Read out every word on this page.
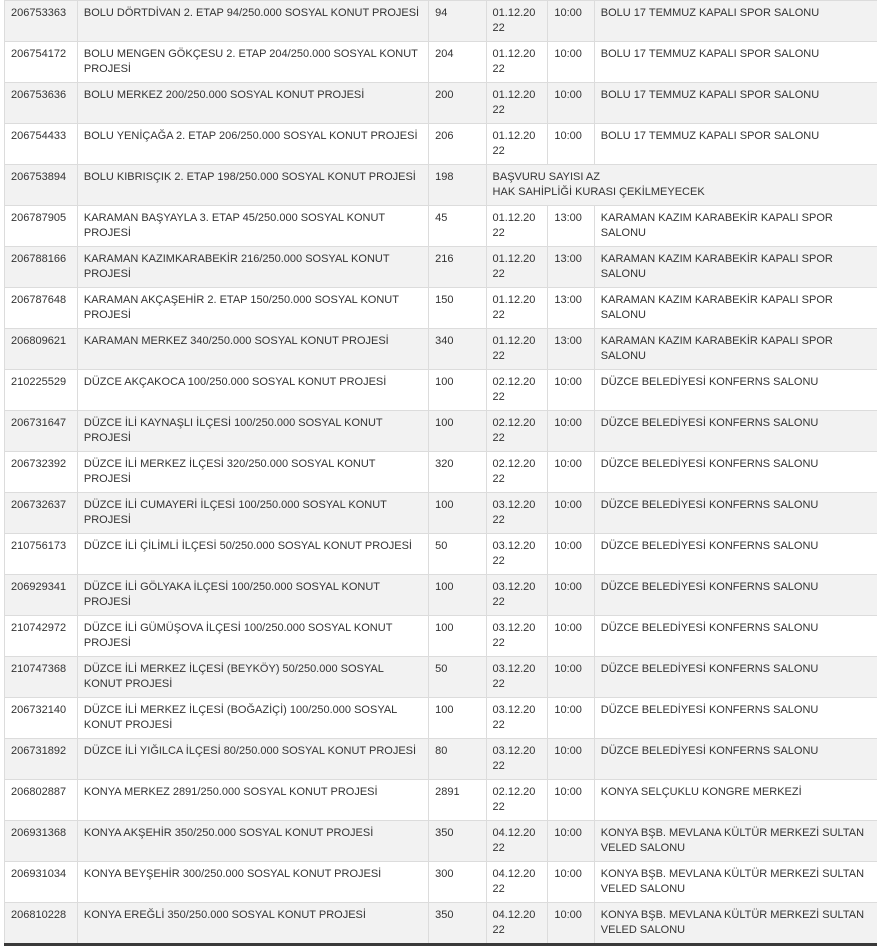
206753363	BOLU DÖRTDİVAN 2. ETAP 94/250.000 SOSYAL KONUT PROJESİ	94	01.12.2022	10:00	BOLU 17 TEMMUZ KAPALI SPOR SALONU
206754172	BOLU MENGEN GÖKÇESU 2. ETAP 204/250.000 SOSYAL KONUT PROJESİ	204	01.12.2022	10:00	BOLU 17 TEMMUZ KAPALI SPOR SALONU
206753636	BOLU MERKEZ 200/250.000 SOSYAL KONUT PROJESİ	200	01.12.2022	10:00	BOLU 17 TEMMUZ KAPALI SPOR SALONU
206754433	BOLU YENİÇAĞA 2. ETAP 206/250.000 SOSYAL KONUT PROJESİ	206	01.12.2022	10:00	BOLU 17 TEMMUZ KAPALI SPOR SALONU
206753894	BOLU KIBRISÇIK 2. ETAP 198/250.000 SOSYAL KONUT PROJESİ	198	BAŞVURU SAYISI AZ
HAK SAHİPLİĞİ KURASI ÇEKİLMEYECEK		

206787905	KARAMAN BAŞYAYLA 3. ETAP 45/250.000 SOSYAL KONUT PROJESİ	45	01.12.2022	13:00	KARAMAN KAZIM KARABEKİR KAPALI SPOR SALONU
206788166	KARAMAN KAZIMKARABEKİR 216/250.000 SOSYAL KONUT PROJESİ	216	01.12.2022	13:00	KARAMAN KAZIM KARABEKİR KAPALI SPOR SALONU
206787648	KARAMAN AKÇAŞEHİR 2. ETAP 150/250.000 SOSYAL KONUT PROJESİ	150	01.12.2022	13:00	KARAMAN KAZIM KARABEKİR KAPALI SPOR SALONU
206809621	KARAMAN MERKEZ 340/250.000 SOSYAL KONUT PROJESİ	340	01.12.2022	13:00	KARAMAN KAZIM KARABEKİR KAPALI SPOR SALONU
210225529	DÜZCE AKÇAKOCA 100/250.000 SOSYAL KONUT PROJESİ	100	02.12.2022	10:00	DÜZCE BELEDİYESİ KONFERNS SALONU
206731647	DÜZCE İLİ KAYNAŞLI İLÇESİ 100/250.000 SOSYAL KONUT PROJESİ	100	02.12.2022	10:00	DÜZCE BELEDİYESİ KONFERNS SALONU
206732392	DÜZCE İLİ MERKEZ İLÇESİ 320/250.000 SOSYAL KONUT PROJESİ	320	02.12.2022	10:00	DÜZCE BELEDİYESİ KONFERNS SALONU
206732637	DÜZCE İLİ CUMAYERİ İLÇESİ 100/250.000 SOSYAL KONUT PROJESİ	100	03.12.2022	10:00	DÜZCE BELEDİYESİ KONFERNS SALONU
210756173	DÜZCE İLİ ÇİLİMLİ İLÇESİ 50/250.000 SOSYAL KONUT PROJESİ	50	03.12.2022	10:00	DÜZCE BELEDİYESİ KONFERNS SALONU
206929341	DÜZCE İLİ GÖLYAKA İLÇESİ 100/250.000 SOSYAL KONUT PROJESİ	100	03.12.2022	10:00	DÜZCE BELEDİYESİ KONFERNS SALONU
210742972	DÜZCE İLİ GÜMÜŞOVA İLÇESİ 100/250.000 SOSYAL KONUT PROJESİ	100	03.12.2022	10:00	DÜZCE BELEDİYESİ KONFERNS SALONU
210747368	DÜZCE İLİ MERKEZ İLÇESİ (BEYKÖY) 50/250.000 SOSYAL KONUT PROJESİ	50	03.12.2022	10:00	DÜZCE BELEDİYESİ KONFERNS SALONU
206732140	DÜZCE İLİ MERKEZ İLÇESİ (BOĞAZİÇİ) 100/250.000 SOSYAL KONUT PROJESİ	100	03.12.2022	10:00	DÜZCE BELEDİYESİ KONFERNS SALONU
206731892	DÜZCE İLİ YIĞILCA İLÇESİ 80/250.000 SOSYAL KONUT PROJESİ	80	03.12.2022	10:00	DÜZCE BELEDİYESİ KONFERNS SALONU
206802887	KONYA MERKEZ 2891/250.000 SOSYAL KONUT PROJESİ	2891	02.12.2022	10:00	KONYA SELÇUKLU KONGRE MERKEZİ
206931368	KONYA AKŞEHİR 350/250.000 SOSYAL KONUT PROJESİ	350	04.12.2022	10:00	KONYA BŞB. MEVLANA KÜLTÜR MERKEZİ SULTAN VELED SALONU
206931034	KONYA BEYŞEHİR 300/250.000 SOSYAL KONUT PROJESİ	300	04.12.2022	10:00	KONYA BŞB. MEVLANA KÜLTÜR MERKEZİ SULTAN VELED SALONU
206810228	KONYA EREĞLİ 350/250.000 SOSYAL KONUT PROJESİ	350	04.12.2022	10:00	KONYA BŞB. MEVLANA KÜLTÜR MERKEZİ SULTAN VELED SALONU
